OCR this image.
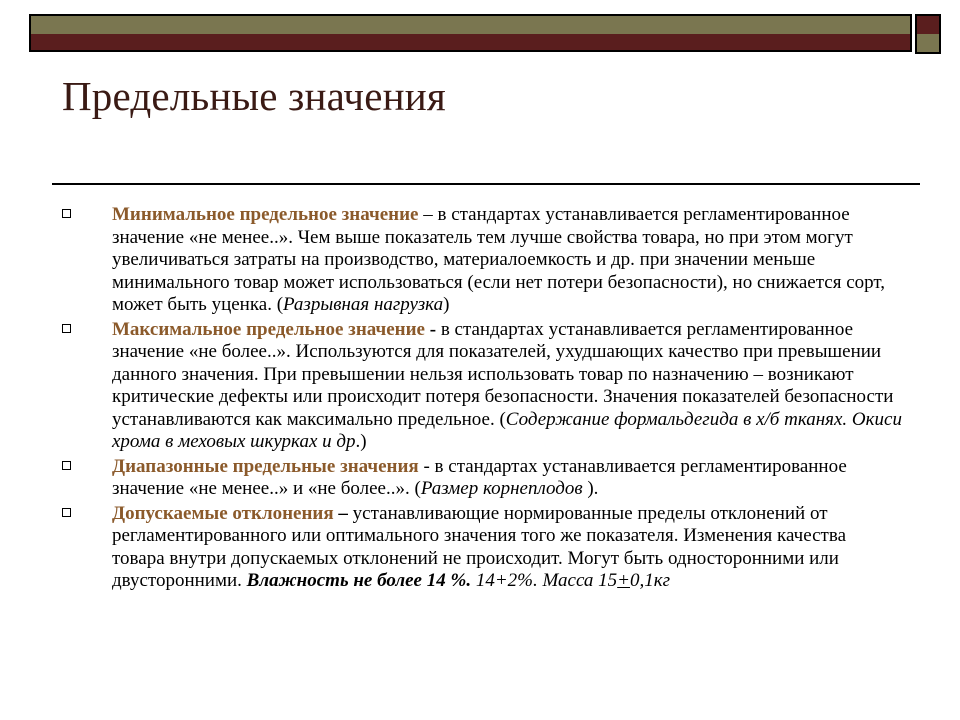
Предельные значения
Минимальное предельное значение – в стандартах устанавливается регламентированное значение «не менее..». Чем выше показатель тем лучше свойства товара, но при этом могут увеличиваться затраты на производство, материалоемкость и др. при значении меньше минимального товар может использоваться (если нет потери безопасности), но снижается сорт, может быть уценка. (Разрывная нагрузка)
Максимальное предельное значение - в стандартах устанавливается регламентированное значение «не более..». Используются для показателей, ухудшающих качество при превышении данного значения. При превышении нельзя использовать товар по назначению – возникают критические дефекты или происходит потеря безопасности. Значения показателей безопасности устанавливаются как максимально предельное. (Содержание формальдегида в х/б тканях. Окиси хрома в меховых шкурках и др.)
Диапазонные предельные значения - в стандартах устанавливается регламентированное значение «не менее..» и «не более..». (Размер корнеплодов ).
Допускаемые отклонения – устанавливающие нормированные пределы отклонений от регламентированного или оптимального значения того же показателя. Изменения качества товара внутри допускаемых отклонений не происходит. Могут быть односторонними или двусторонними. Влажность не более 14 %. 14+2%. Масса 15+0,1кг
